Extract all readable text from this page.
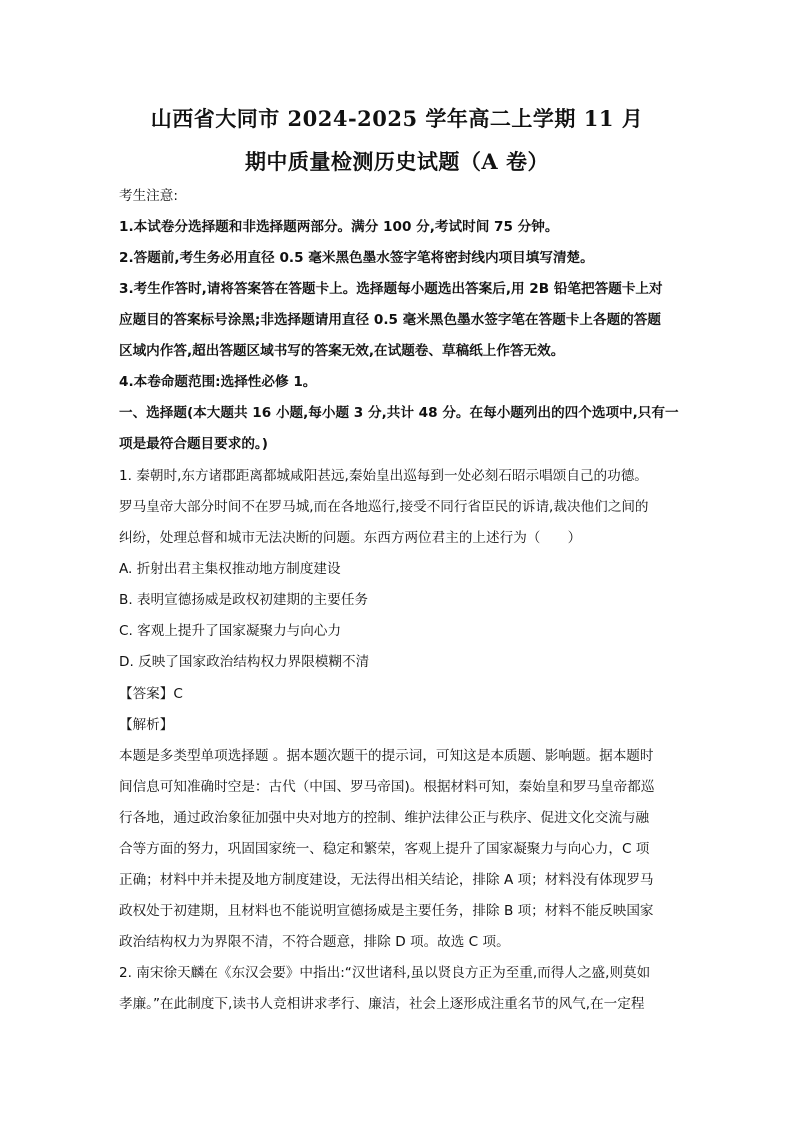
山西省大同市 2024-2025 学年高二上学期 11 月
期中质量检测历史试题（A 卷）
考生注意:
1.本试卷分选择题和非选择题两部分。满分 100 分,考试时间 75 分钟。
2.答题前,考生务必用直径 0.5 毫米黑色墨水签字笔将密封线内项目填写清楚。
3.考生作答时,请将答案答在答题卡上。选择题每小题选出答案后,用 2B 铅笔把答题卡上对
应题目的答案标号涂黑;非选择题请用直径 0.5 毫米黑色墨水签字笔在答题卡上各题的答题
区域内作答,超出答题区域书写的答案无效,在试题卷、草稿纸上作答无效。
4.本卷命题范围:选择性必修 1。
一、选择题(本大题共 16 小题,每小题 3 分,共计 48 分。在每小题列出的四个选项中,只有一
项是最符合题目要求的。)
1. 秦朝时,东方诸郡距离都城咸阳甚远,秦始皇出巡每到一处必刻石昭示唱颂自己的功德。
罗马皇帝大部分时间不在罗马城,而在各地巡行,接受不同行省臣民的诉请,裁决他们之间的
纠纷，处理总督和城市无法决断的问题。东西方两位君主的上述行为（　　）
A. 折射出君主集权推动地方制度建设
B. 表明宣德扬威是政权初建期的主要任务
C. 客观上提升了国家凝聚力与向心力
D. 反映了国家政治结构权力界限模糊不清
【答案】C
【解析】
本题是多类型单项选择题 。据本题次题干的提示词，可知这是本质题、影响题。据本题时
间信息可知准确时空是：古代（中国、罗马帝国)。根据材料可知，秦始皇和罗马皇帝都巡
行各地，通过政治象征加强中央对地方的控制、维护法律公正与秩序、促进文化交流与融
合等方面的努力，巩固国家统一、稳定和繁荣，客观上提升了国家凝聚力与向心力，C 项
正确；材料中并未提及地方制度建设，无法得出相关结论，排除 A 项；材料没有体现罗马
政权处于初建期，且材料也不能说明宣德扬威是主要任务，排除 B 项；材料不能反映国家
政治结构权力为界限不清，不符合题意，排除 D 项。故选 C 项。
2. 南宋徐天麟在《东汉会要》中指出:“汉世诸科,虽以贤良方正为至重,而得人之盛,则莫如
孝廉。”在此制度下,读书人竞相讲求孝行、廉洁，社会上逐形成注重名节的风气,在一定程
